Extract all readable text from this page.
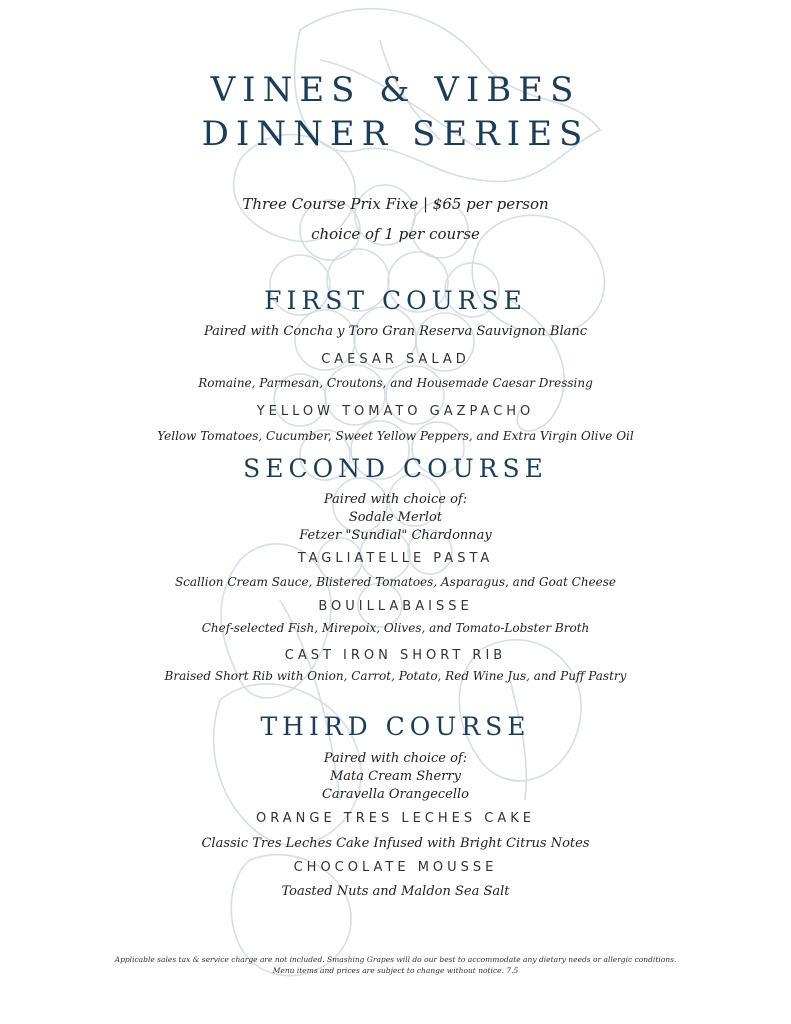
VINES & VIBES
DINNER SERIES
Three Course Prix Fixe | $65 per person
choice of 1 per course
FIRST COURSE
Paired with Concha y Toro Gran Reserva Sauvignon Blanc
CAESAR SALAD
Romaine, Parmesan, Croutons, and Housemade Caesar Dressing
YELLOW TOMATO GAZPACHO
Yellow Tomatoes, Cucumber, Sweet Yellow Peppers, and Extra Virgin Olive Oil
SECOND COURSE
Paired with choice of:
Sodale Merlot
Fetzer "Sundial" Chardonnay
TAGLIATELLE PASTA
Scallion Cream Sauce, Blistered Tomatoes, Asparagus, and Goat Cheese
BOUILLABAISSE
Chef-selected Fish, Mirepoix, Olives, and Tomato-Lobster Broth
CAST IRON SHORT RIB
Braised Short Rib with Onion, Carrot, Potato, Red Wine Jus, and Puff Pastry
THIRD COURSE
Paired with choice of:
Mata Cream Sherry
Caravella Orangecello
ORANGE TRES LECHES CAKE
Classic Tres Leches Cake Infused with Bright Citrus Notes
CHOCOLATE MOUSSE
Toasted Nuts and Maldon Sea Salt
Applicable sales tax & service charge are not included. Smashing Grapes will do our best to accommodate any dietary needs or allergic conditions.
Menu items and prices are subject to change without notice. 7.5
